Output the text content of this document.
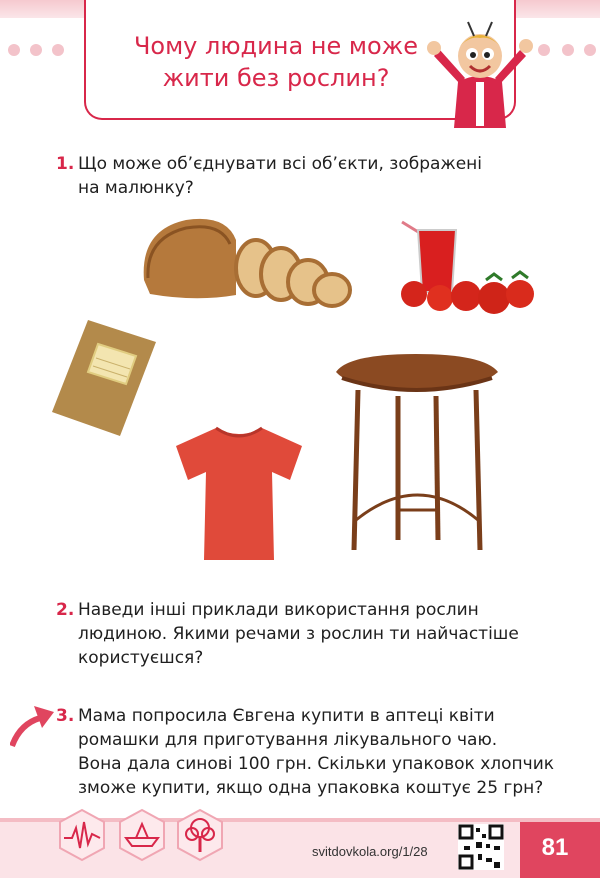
Чому людина не може
жити без рослин?
1. Що може об’єднувати всі об’єкти, зображені
на малюнку?
2. Наведи інші приклади використання рослин
людиною. Якими речами з рослин ти найчастіше
користуєшся?
3. Мама попросила Євгена купити в аптеці квіти
ромашки для приготування лікувального чаю.
Вона дала синові 100 грн. Скільки упаковок хлопчик
зможе купити, якщо одна упаковка коштує 25 грн?
svitdovkola.org/1/28	81
